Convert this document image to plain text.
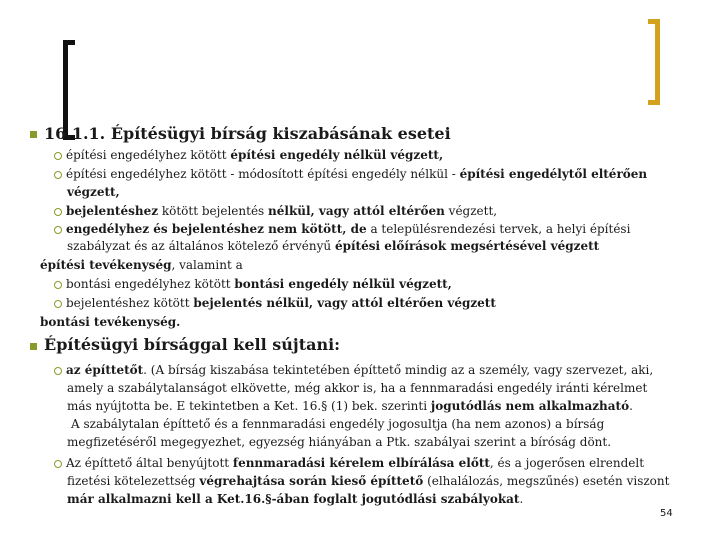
16.1.1. Építésügyi bírság kiszabásának esetei
építési engedélyhez kötött építési engedély nélkül végzett,
építési engedélyhez kötött - módosított építési engedély nélkül - építési engedélytől eltérően
végzett,
bejelentéshez kötött bejelentés nélkül, vagy attól eltérően végzett,
engedélyhez és bejelentéshez nem kötött, de a településrendezési tervek, a helyi építési
szabályzat és az általános kötelező érvényű építési előírások megsértésével végzett
építési tevékenység, valamint a
bontási engedélyhez kötött bontási engedély nélkül végzett,
bejelentéshez kötött bejelentés nélkül, vagy attól eltérően végzett
bontási tevékenység.
Építésügyi bírsággal kell sújtani:
az építtetőt. (A bírság kiszabása tekintetében építtető mindig az a személy, vagy szervezet, aki,
amely a szabálytalanságot elkövette, még akkor is, ha a fennmaradási engedély iránti kérelmet
más nyújtotta be. E tekintetben a Ket. 16.§ (1) bek. szerinti jogutódlás nem alkalmazható.
A szabálytalan építtető és a fennmaradási engedély jogosultja (ha nem azonos) a bírság
megfizetéséről megegyezhet, egyezség hiányában a Ptk. szabályai szerint a bíróság dönt.
Az építtető által benyújtott fennmaradási kérelem elbírálása előtt, és a jogerősen elrendelt
fizetési kötelezettség végrehajtása során kieső építtető (elhalálozás, megszűnés) esetén viszont
már alkalmazni kell a Ket.16.§-ában foglalt jogutódlási szabályokat.
54
